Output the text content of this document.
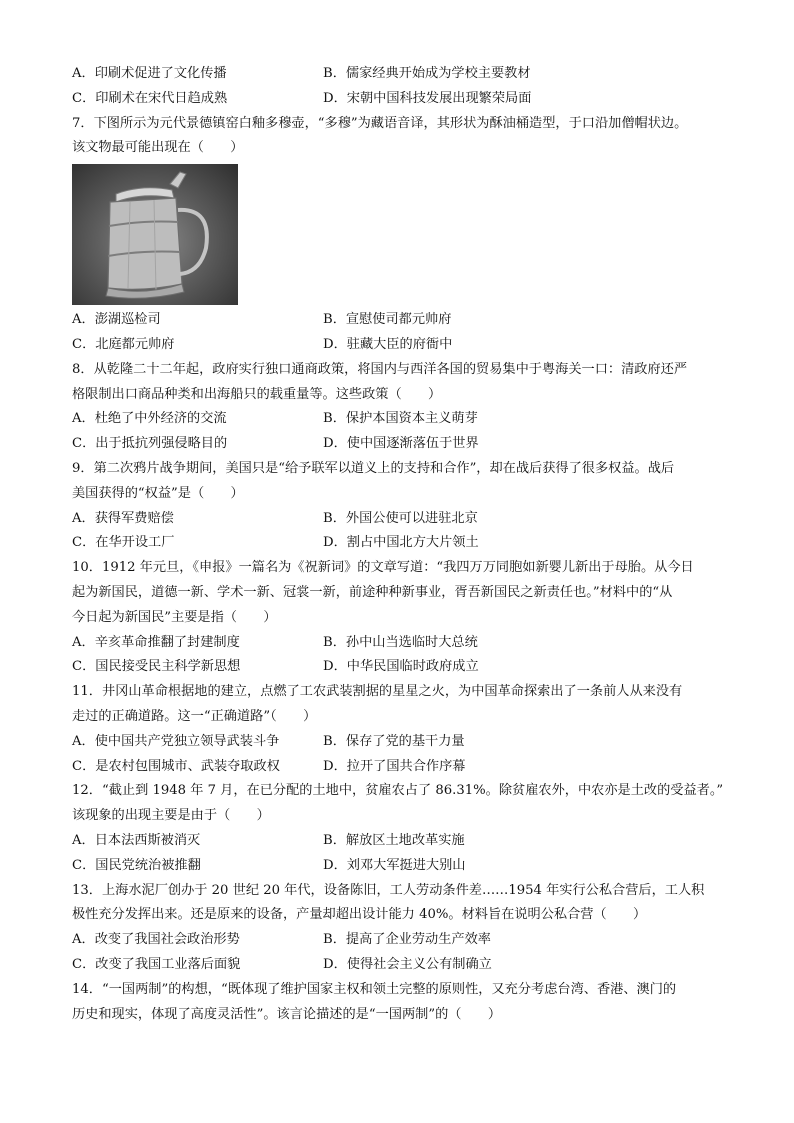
A．印刷术促进了文化传播	B．儒家经典开始成为学校主要教材
C．印刷术在宋代日趋成熟	D．宋朝中国科技发展出现繁荣局面
7．下图所示为元代景德镇窑白釉多穆壶，“多穆”为藏语音译，其形状为酥油桶造型，于口沿加僧帽状边。
该文物最可能出现在（　　）
A．澎湖巡检司	B．宣慰使司都元帅府
C．北庭都元帅府	D．驻藏大臣的府衙中
8．从乾隆二十二年起，政府实行独口通商政策，将国内与西洋各国的贸易集中于粤海关一口：清政府还严
格限制出口商品种类和出海船只的载重量等。这些政策（　　）
A．杜绝了中外经济的交流	B．保护本国资本主义萌芽
C．出于抵抗列强侵略目的	D．使中国逐渐落伍于世界
9．第二次鸦片战争期间，美国只是“给予联军以道义上的支持和合作”，却在战后获得了很多权益。战后
美国获得的“权益”是（　　）
A．获得军费赔偿	B．外国公使可以进驻北京
C．在华开设工厂	D．割占中国北方大片领土
10．1912 年元旦，《申报》一篇名为《祝新词》的文章写道：“我四万万同胞如新婴儿新出于母胎。从今日
起为新国民，道德一新、学术一新、冠裳一新，前途种种新事业，胥吾新国民之新责任也。”材料中的“从
今日起为新国民”主要是指（　　）
A．辛亥革命推翻了封建制度	B．孙中山当选临时大总统
C．国民接受民主科学新思想	D．中华民国临时政府成立
11．井冈山革命根据地的建立，点燃了工农武装割据的星星之火，为中国革命探索出了一条前人从来没有
走过的正确道路。这一“正确道路”（　　）
A．使中国共产党独立领导武装斗争	B．保存了党的基干力量
C．是农村包围城市、武装夺取政权	D．拉开了国共合作序幕
12．“截止到 1948 年 7 月，在已分配的土地中，贫雇农占了 86.31%。除贫雇农外，中农亦是土改的受益者。”
该现象的出现主要是由于（　　）
A．日本法西斯被消灭	B．解放区土地改革实施
C．国民党统治被推翻	D．刘邓大军挺进大别山
13．上海水泥厂创办于 20 世纪 20 年代，设备陈旧，工人劳动条件差……1954 年实行公私合营后，工人积
极性充分发挥出来。还是原来的设备，产量却超出设计能力 40%。材料旨在说明公私合营（　　）
A．改变了我国社会政治形势	B．提高了企业劳动生产效率
C．改变了我国工业落后面貌	D．使得社会主义公有制确立
14．“一国两制”的构想，“既体现了维护国家主权和领土完整的原则性，又充分考虑台湾、香港、澳门的
历史和现实，体现了高度灵活性”。该言论描述的是“一国两制”的（　　）
